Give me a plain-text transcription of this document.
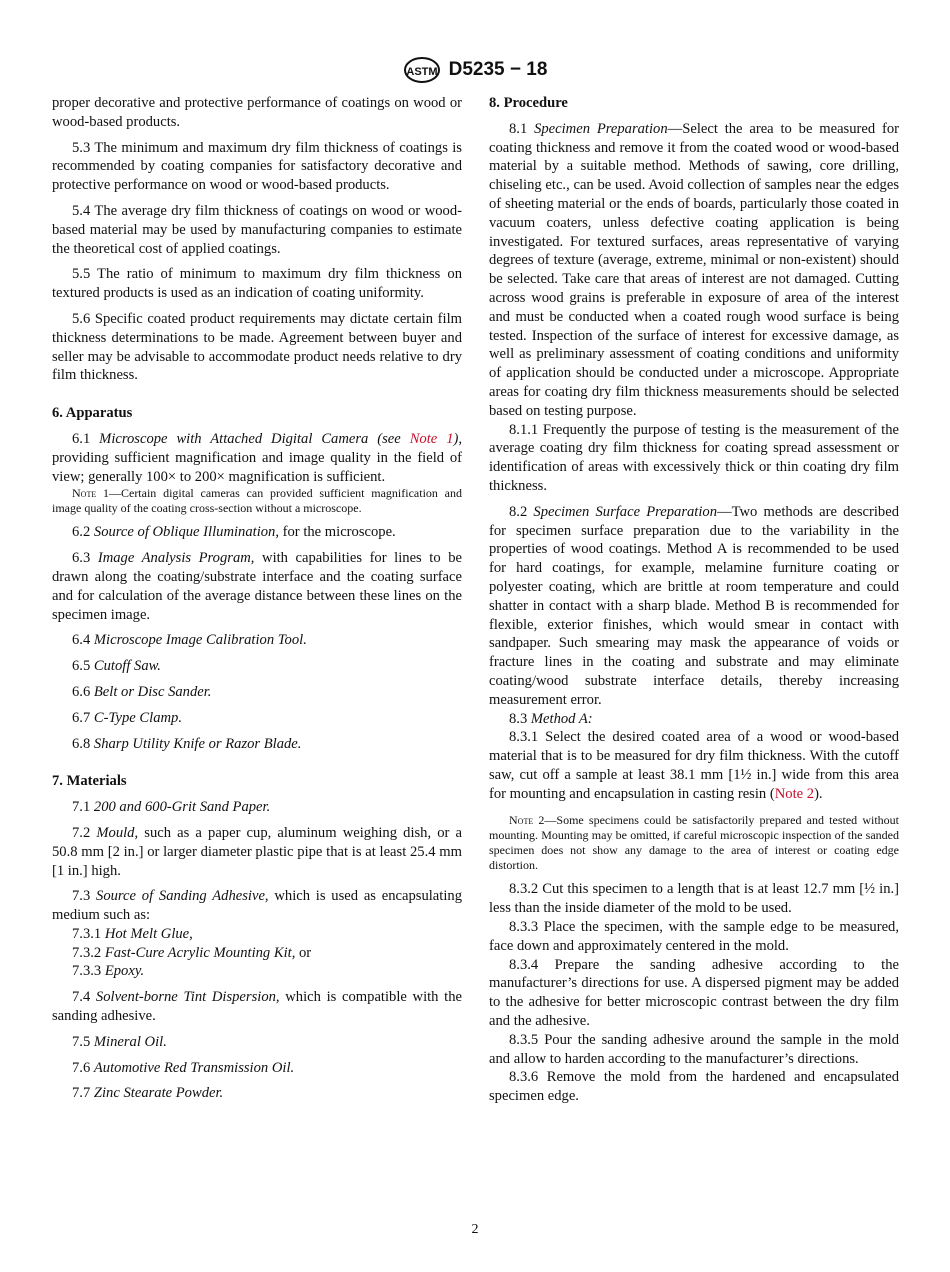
ASTM D5235 − 18
proper decorative and protective performance of coatings on wood or wood-based products.
5.3 The minimum and maximum dry film thickness of coatings is recommended by coating companies for satisfactory decorative and protective performance on wood or wood-based products.
5.4 The average dry film thickness of coatings on wood or wood-based material may be used by manufacturing companies to estimate the theoretical cost of applied coatings.
5.5 The ratio of minimum to maximum dry film thickness on textured products is used as an indication of coating uniformity.
5.6 Specific coated product requirements may dictate certain film thickness determinations to be made. Agreement between buyer and seller may be advisable to accommodate product needs relative to dry film thickness.
6. Apparatus
6.1 Microscope with Attached Digital Camera (see Note 1), providing sufficient magnification and image quality in the field of view; generally 100× to 200× magnification is sufficient.
Note 1—Certain digital cameras can provided sufficient magnification and image quality of the coating cross-section without a microscope.
6.2 Source of Oblique Illumination, for the microscope.
6.3 Image Analysis Program, with capabilities for lines to be drawn along the coating/substrate interface and the coating surface and for calculation of the average distance between these lines on the specimen image.
6.4 Microscope Image Calibration Tool.
6.5 Cutoff Saw.
6.6 Belt or Disc Sander.
6.7 C-Type Clamp.
6.8 Sharp Utility Knife or Razor Blade.
7. Materials
7.1 200 and 600-Grit Sand Paper.
7.2 Mould, such as a paper cup, aluminum weighing dish, or a 50.8 mm [2 in.] or larger diameter plastic pipe that is at least 25.4 mm [1 in.] high.
7.3 Source of Sanding Adhesive, which is used as encapsulating medium such as:
7.3.1 Hot Melt Glue,
7.3.2 Fast-Cure Acrylic Mounting Kit, or
7.3.3 Epoxy.
7.4 Solvent-borne Tint Dispersion, which is compatible with the sanding adhesive.
7.5 Mineral Oil.
7.6 Automotive Red Transmission Oil.
7.7 Zinc Stearate Powder.
8. Procedure
8.1 Specimen Preparation—Select the area to be measured for coating thickness and remove it from the coated wood or wood-based material by a suitable method. Methods of sawing, core drilling, chiseling etc., can be used. Avoid collection of samples near the edges of sheeting material or the ends of boards, particularly those coated in vacuum coaters, unless defective coating application is being investigated. For textured surfaces, areas representative of varying degrees of texture (average, extreme, minimal or non-existent) should be selected. Take care that areas of interest are not damaged. Cutting across wood grains is preferable in exposure of area of the interest and must be conducted when a coated rough wood surface is being tested. Inspection of the surface of interest for excessive damage, as well as preliminary assessment of coating conditions and uniformity of application should be conducted under a microscope. Appropriate areas for coating dry film thickness measurements should be selected based on testing purpose.
8.1.1 Frequently the purpose of testing is the measurement of the average coating dry film thickness for coating spread assessment or identification of areas with excessively thick or thin coating dry film thickness.
8.2 Specimen Surface Preparation—Two methods are described for specimen surface preparation due to the variability in the properties of wood coatings. Method A is recommended to be used for hard coatings, for example, melamine furniture coating or polyester coating, which are brittle at room temperature and could shatter in contact with a sharp blade. Method B is recommended for flexible, exterior finishes, which would smear in contact with sandpaper. Such smearing may mask the appearance of voids or fracture lines in the coating and substrate and may eliminate coating/wood substrate interface details, thereby increasing measurement error.
8.3 Method A:
8.3.1 Select the desired coated area of a wood or wood-based material that is to be measured for dry film thickness. With the cutoff saw, cut off a sample at least 38.1 mm [1½ in.] wide from this area for mounting and encapsulation in casting resin (Note 2).
Note 2—Some specimens could be satisfactorily prepared and tested without mounting. Mounting may be omitted, if careful microscopic inspection of the sanded specimen does not show any damage to the area of interest or coating edge distortion.
8.3.2 Cut this specimen to a length that is at least 12.7 mm [½ in.] less than the inside diameter of the mold to be used.
8.3.3 Place the specimen, with the sample edge to be measured, face down and approximately centered in the mold.
8.3.4 Prepare the sanding adhesive according to the manufacturer’s directions for use. A dispersed pigment may be added to the adhesive for better microscopic contrast between the dry film and the adhesive.
8.3.5 Pour the sanding adhesive around the sample in the mold and allow to harden according to the manufacturer’s directions.
8.3.6 Remove the mold from the hardened and encapsulated specimen edge.
2
